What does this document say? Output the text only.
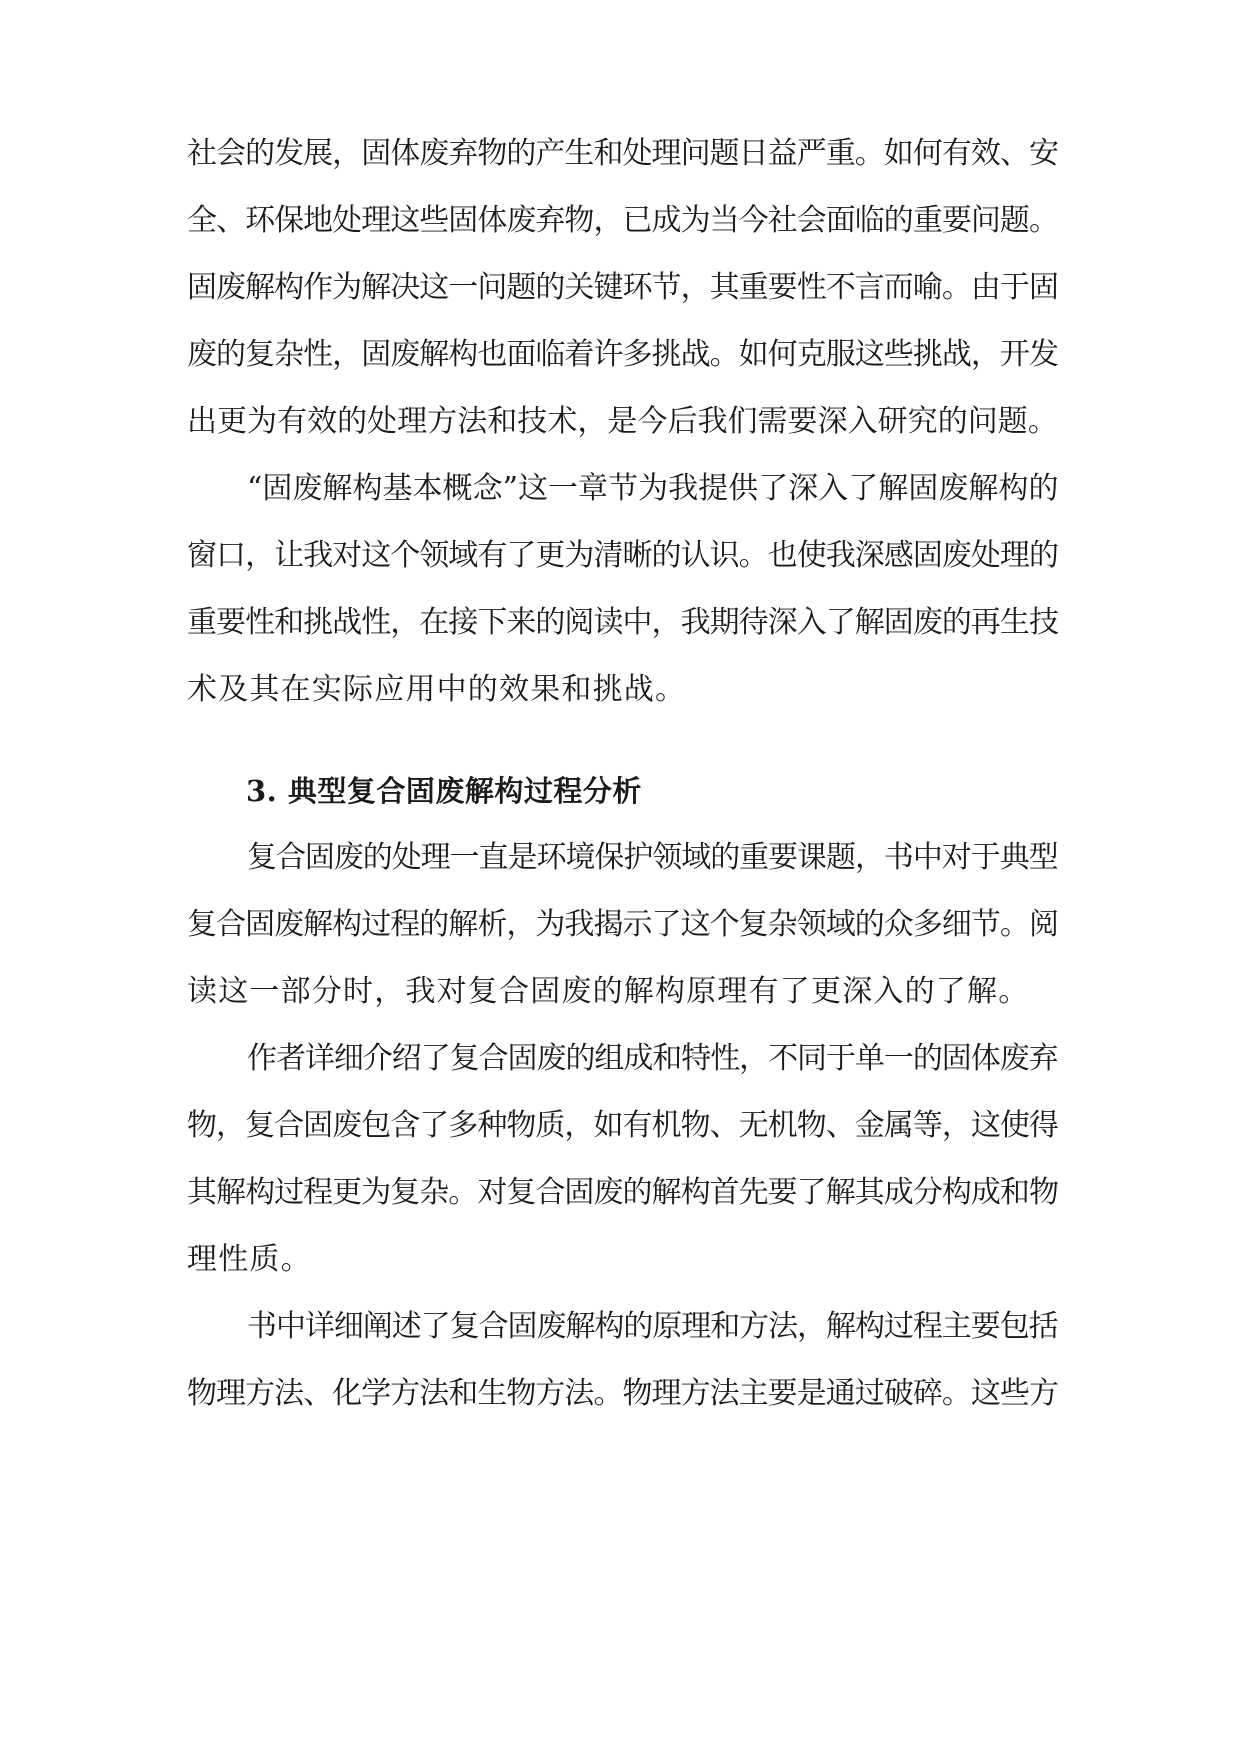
社会的发展，固体废弃物的产生和处理问题日益严重。如何有效、安
全、环保地处理这些固体废弃物，已成为当今社会面临的重要问题。
固废解构作为解决这一问题的关键环节，其重要性不言而喻。由于固
废的复杂性，固废解构也面临着许多挑战。如何克服这些挑战，开发
出更为有效的处理方法和技术，是今后我们需要深入研究的问题。
“固废解构基本概念”这一章节为我提供了深入了解固废解构的
窗口，让我对这个领域有了更为清晰的认识。也使我深感固废处理的
重要性和挑战性，在接下来的阅读中，我期待深入了解固废的再生技
术及其在实际应用中的效果和挑战。
3. 典型复合固废解构过程分析
复合固废的处理一直是环境保护领域的重要课题，书中对于典型
复合固废解构过程的解析，为我揭示了这个复杂领域的众多细节。阅
读这一部分时，我对复合固废的解构原理有了更深入的了解。
作者详细介绍了复合固废的组成和特性，不同于单一的固体废弃
物，复合固废包含了多种物质，如有机物、无机物、金属等，这使得
其解构过程更为复杂。对复合固废的解构首先要了解其成分构成和物
理性质。
书中详细阐述了复合固废解构的原理和方法，解构过程主要包括
物理方法、化学方法和生物方法。物理方法主要是通过破碎。这些方
